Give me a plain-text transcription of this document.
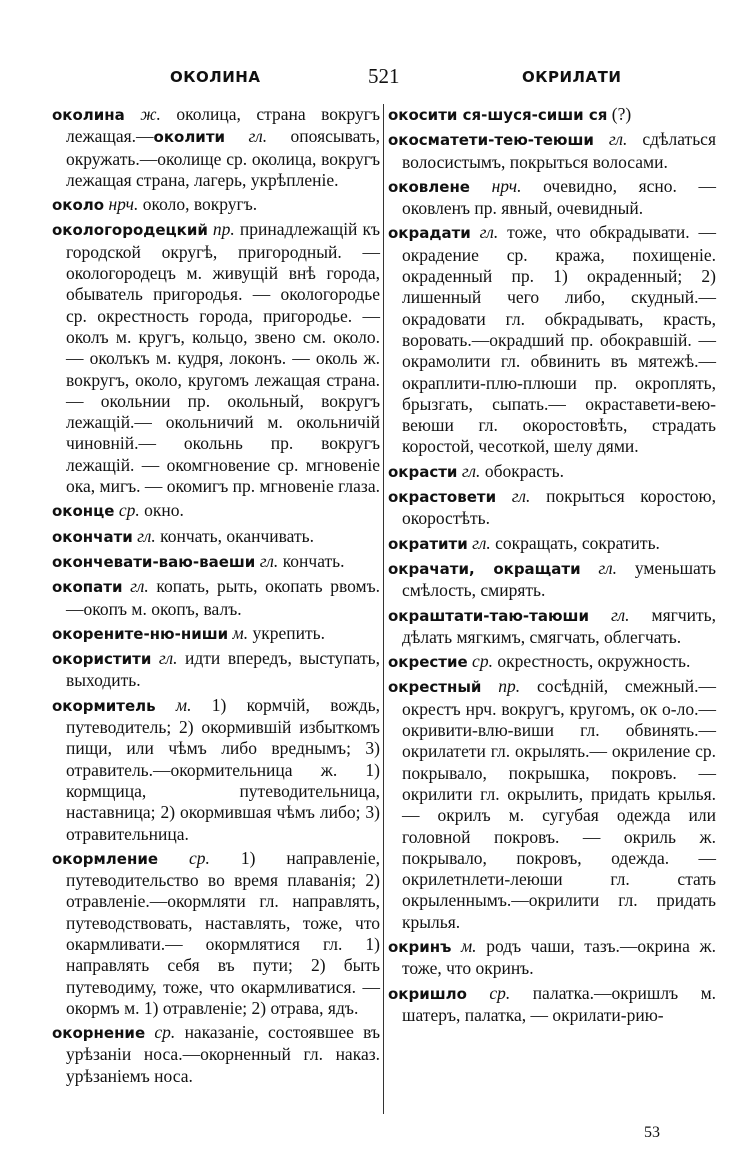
ОКОЛИНА	521	ОКРИЛАТИ

околина ж. околица, страна вокругъ лежащая.—околити гл. опоясывать, окружать.—околище ср. околица, вокругъ лежащая страна, лагерь, укрѣпленіе.

около нрч. около, вокругъ.

окологородецкий пр. принадлежащій къ городской округѣ, пригородный. —окологородецъ м. живущій внѣ города, обыватель пригородья. — окологородье ср. окрестность города, пригородье. — околъ м. кругъ, кольцо, звено см. около. — околъкъ м. кудря, локонъ. — околь ж. вокругъ, около, кругомъ лежащая страна. — окольнии пр. окольный, вокругъ лежащій.— окольничий м. окольничій чиновній.— окольнь пр. вокругъ лежащій. — окомгновение ср. мгновеніе ока, мигъ. — окомигъ пр. мгновеніе глаза.

оконце ср. окно.

окончати гл. кончать, оканчивать.

окончевати-ваю-ваеши гл. кончать.

окопати гл. копать, рыть, окопать рвомъ.—окопъ м. окопъ, валъ.

окорените-ню-ниши м. укрепить.

окористити гл. идти впередъ, выступать, выходить.

окормитель м. 1) кормчій, вождь, путеводитель; 2) окормившій избыткомъ пищи, или чѣмъ либо вреднымъ; 3) отравитель.—окормительница ж. 1) кормщица, путеводительница, наставница; 2) окормившая чѣмъ либо; 3) отравительница.

окормление ср. 1) направленіе, путеводительство во время плаванія; 2) отравленіе.—окормляти гл. направлять, путеводствовать, наставлять, тоже, что окармливати.— окормлятися гл. 1) направлять себя въ пути; 2) быть путеводиму, тоже, что окармливатися. — окормъ м. 1) отравленіе; 2) отрава, ядъ.

окорнение ср. наказаніе, состоявшее въ урѣзаніи носа.—окорненный гл. наказ. урѣзаніемъ носа.

окосити ся-шуся-сиши ся (?)

окосматети-тею-теюши гл. сдѣлаться волосистымъ, покрыться волосами.

оковлене нрч. очевидно, ясно. — оковленъ пр. явный, очевидный.

окрадати гл. тоже, что обкрадывати. —окрадение ср. кража, похищеніе. окраденный пр. 1) окраденный; 2) лишенный чего либо, скудный.—окрадовати гл. обкрадывать, красть, воровать.—окрадший пр. обокравшій. —окрамолити гл. обвинить въ мятежѣ.—окраплити-плю-плюши пр. окроплять, брызгать, сыпать.— окраставети-вею-веюши гл. окоростовѣть, страдать коростой, чесоткой, шелу дями.

окрасти гл. обокрасть.

окрастовети гл. покрыться коростою, окоростѣть.

ократити гл. сокращать, сократить.

окрачати, окращати гл. уменьшать смѣлость, смирять.

окраштати-таю-таюши гл. мягчить, дѣлать мягкимъ, смягчать, облегчать.

окрестие ср. окрестность, окружность.

окрестный пр. сосѣдній, смежный.— окрестъ нрч. вокругъ, кругомъ, ок о-ло.—окривити-влю-виши гл. обвинять.—окрилатети гл. окрылять.— окриление ср. покрывало, покрышка, покровъ. — окрилити гл. окрылить, придать крылья. — окрилъ м. сугубая одежда или головной покровъ. — окриль ж. покрывало, покровъ, одежда. — окрилетнлети-леюши гл. стать окрыленнымъ.—окрилити гл. придать крылья.

окринъ м. родъ чаши, тазъ.—окрина ж. тоже, что окринъ.

окришло ср. палатка.—окришлъ м. шатеръ, палатка, — окрилати-рию-

53
